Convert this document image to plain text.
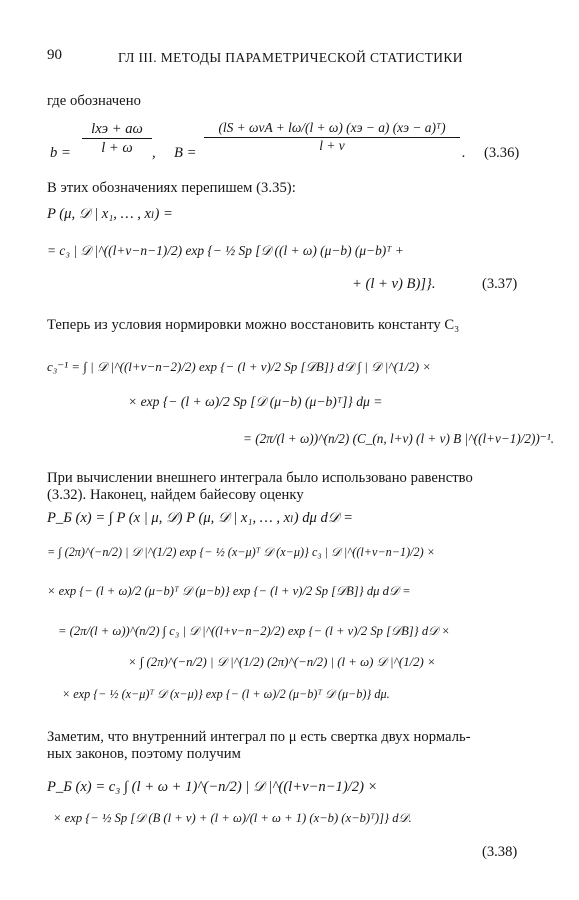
90	ГЛ III. МЕТОДЫ ПАРАМЕТРИЧЕСКОЙ СТАТИСТИКИ
где обозначено
b =
lxэ + aω
l + ω	, B =
(lS + ωνA + lω/(l + ω) (xэ − a) (xэ − a)ᵀ)
l + ν	. (3.36)
В этих обозначениях перепишем (3.35):
P (μ, 𝒟 | x₁, … , xₗ) =
= c₃ | 𝒟 |^((l+ν−n−1)/2) exp {− ½ Sp [𝒟 ((l + ω) (μ−b) (μ−b)ᵀ +
+ (l + ν) B)]}.	(3.37)
Теперь из условия нормировки можно восстановить константу C₃
c₃⁻¹ = ∫ | 𝒟 |^((l+ν−n−2)/2) exp {− (l + ν)/2 Sp [𝒟B]} d𝒟 ∫ | 𝒟 |^(1/2) ×
× exp {− (l + ω)/2 Sp [𝒟 (μ−b) (μ−b)ᵀ]} dμ =
= (2π/(l + ω))^(n/2) (C_(n, l+ν) (l + ν) B |^((l+ν−1)/2))⁻¹.
При вычислении внешнего интеграла было использовано равенство
(3.32). Наконец, найдем байесову оценку
P_Б (x) = ∫ P (x | μ, 𝒟) P (μ, 𝒟 | x₁, … , xₗ) dμ d𝒟 =
= ∫ (2π)^(−n/2) | 𝒟 |^(1/2) exp {− ½ (x−μ)ᵀ 𝒟 (x−μ)} c₃ | 𝒟 |^((l+ν−n−1)/2) ×
× exp {− (l + ω)/2 (μ−b)ᵀ 𝒟 (μ−b)} exp {− (l + ν)/2 Sp [𝒟B]} dμ d𝒟 =
= (2π/(l + ω))^(n/2) ∫ c₃ | 𝒟 |^((l+ν−n−2)/2) exp {− (l + ν)/2 Sp [𝒟B]} d𝒟 ×
× ∫ (2π)^(−n/2) | 𝒟 |^(1/2) (2π)^(−n/2) | (l + ω) 𝒟 |^(1/2) ×
× exp {− ½ (x−μ)ᵀ 𝒟 (x−μ)} exp {− (l + ω)/2 (μ−b)ᵀ 𝒟 (μ−b)} dμ.
Заметим, что внутренний интеграл по μ есть свертка двух нормаль-
ных законов, поэтому получим
P_Б (x) = c₃ ∫ (l + ω + 1)^(−n/2) | 𝒟 |^((l+ν−n−1)/2) ×
× exp {− ½ Sp [𝒟 (B (l + ν) + (l + ω)/(l + ω + 1) (x−b) (x−b)ᵀ)]} d𝒟.
(3.38)
